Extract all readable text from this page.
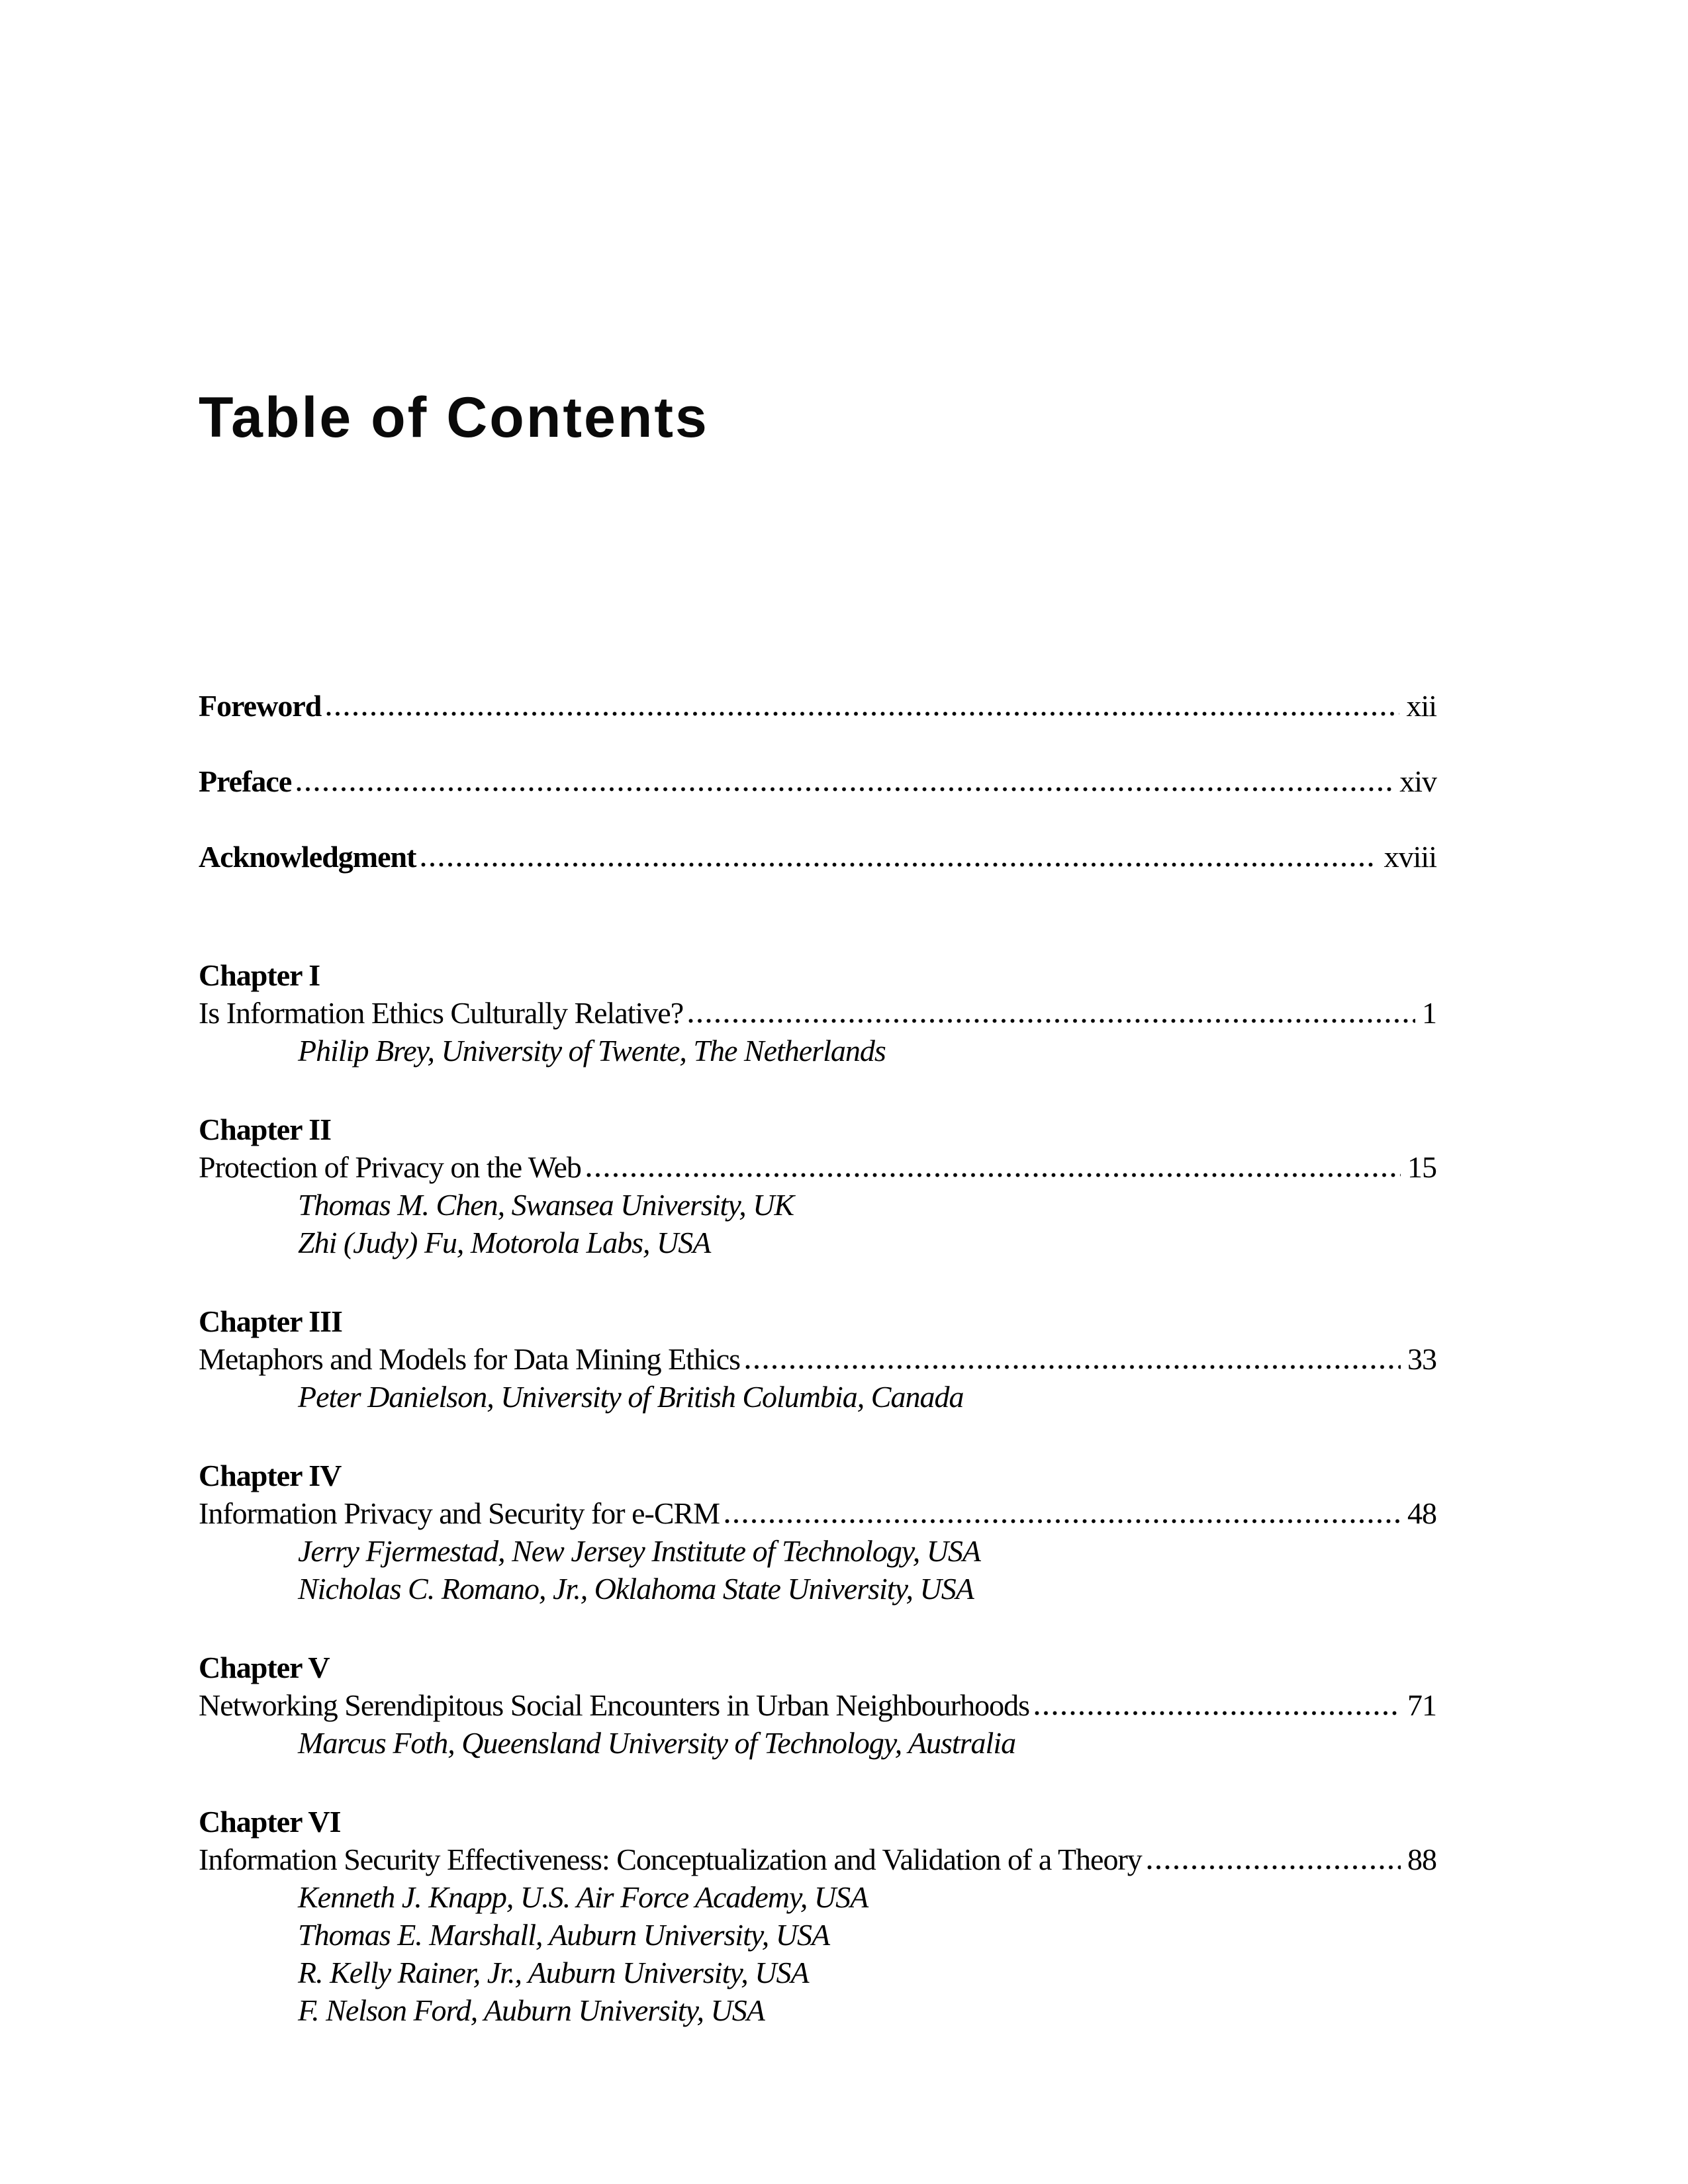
Table of Contents
Foreword	xii
Preface	xiv
Acknowledgment	xviii
Chapter I
Is Information Ethics Culturally Relative?	1
Philip Brey, University of Twente, The Netherlands
Chapter II
Protection of Privacy on the Web	15
Thomas M. Chen, Swansea University, UK
Zhi (Judy) Fu, Motorola Labs, USA
Chapter III
Metaphors and Models for Data Mining Ethics	33
Peter Danielson, University of British Columbia, Canada
Chapter IV
Information Privacy and Security for e-CRM	48
Jerry Fjermestad, New Jersey Institute of Technology, USA
Nicholas C. Romano, Jr., Oklahoma State University, USA
Chapter V
Networking Serendipitous Social Encounters in Urban Neighbourhoods	71
Marcus Foth, Queensland University of Technology, Australia
Chapter VI
Information Security Effectiveness: Conceptualization and Validation of a Theory	88
Kenneth J. Knapp, U.S. Air Force Academy, USA
Thomas E. Marshall, Auburn University, USA
R. Kelly Rainer, Jr., Auburn University, USA
F. Nelson Ford, Auburn University, USA
